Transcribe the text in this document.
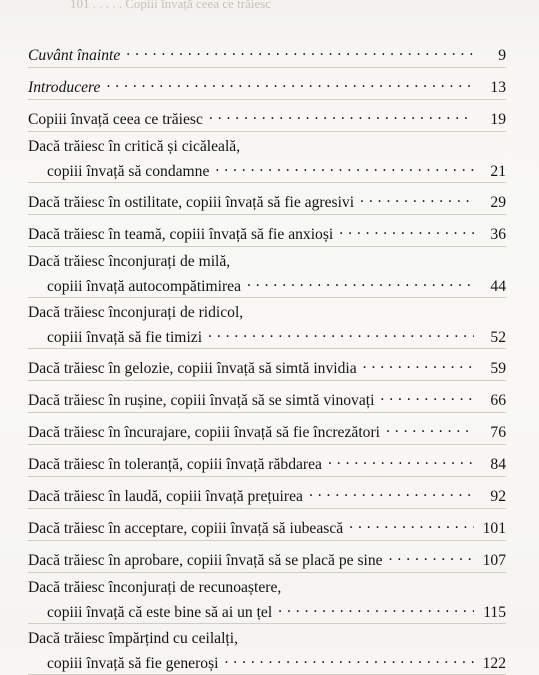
101 . . . . . Copiii învață ceea ce trăiesc
Cuvânt înainte . . .	9
Introducere . . .	13
Copiii învață ceea ce trăiesc . . .	19
Dacă trăiesc în critică și cicăleală,
copiii învață să condamne . . .	21
Dacă trăiesc în ostilitate, copiii învață să fie agresivi . . .	29
Dacă trăiesc în teamă, copiii învață să fie anxioși . . .	36
Dacă trăiesc înconjurați de milă,
copiii învață autocompătimirea . . .	44
Dacă trăiesc înconjurați de ridicol,
copiii învață să fie timizi . . .	52
Dacă trăiesc în gelozie, copiii învață să simtă invidia . . .	59
Dacă trăiesc în rușine, copiii învață să se simtă vinovați . . .	66
Dacă trăiesc în încurajare, copiii învață să fie încrezători . . .	76
Dacă trăiesc în toleranță, copiii învață răbdarea . . .	84
Dacă trăiesc în laudă, copiii învață prețuirea . . .	92
Dacă trăiesc în acceptare, copiii învață să iubească . . .	101
Dacă trăiesc în aprobare, copiii învață să se placă pe sine . . .	107
Dacă trăiesc înconjurați de recunoaștere,
copiii învață că este bine să ai un țel . . .	115
Dacă trăiesc împărțind cu ceilalți,
copiii învață să fie generoși . . .	122
